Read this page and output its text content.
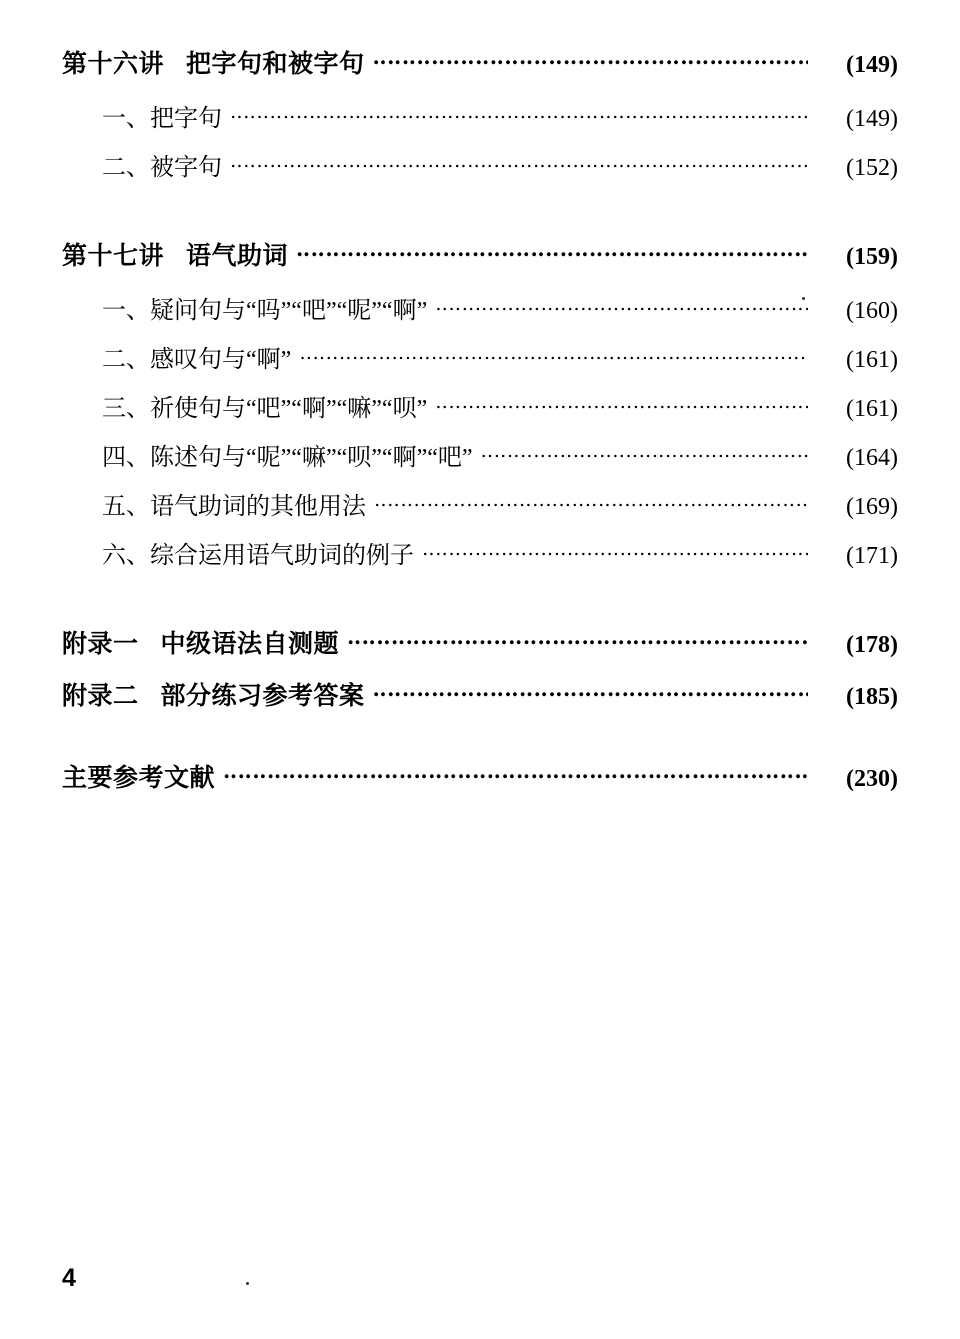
第十六讲 把字句和被字句 ‥‥‥‥‥‥‥‥‥‥‥‥‥‥‥‥‥‥‥‥‥‥‥‥‥‥‥‥‥‥‥‥‥‥‥‥‥‥‥‥‥‥‥‥‥‥‥‥‥‥‥‥‥‥‥‥‥‥‥‥‥‥‥‥‥‥‥‥‥‥‥	(149)
一、把字句 ‥‥‥‥‥‥‥‥‥‥‥‥‥‥‥‥‥‥‥‥‥‥‥‥‥‥‥‥‥‥‥‥‥‥‥‥‥‥‥‥‥‥‥‥‥‥‥‥‥‥‥‥‥‥‥‥‥‥‥‥‥‥‥‥‥‥‥‥‥‥‥	(149)
二、被字句 ‥‥‥‥‥‥‥‥‥‥‥‥‥‥‥‥‥‥‥‥‥‥‥‥‥‥‥‥‥‥‥‥‥‥‥‥‥‥‥‥‥‥‥‥‥‥‥‥‥‥‥‥‥‥‥‥‥‥‥‥‥‥‥‥‥‥‥‥‥‥‥	(152)
第十七讲 语气助词 ‥‥‥‥‥‥‥‥‥‥‥‥‥‥‥‥‥‥‥‥‥‥‥‥‥‥‥‥‥‥‥‥‥‥‥‥‥‥‥‥‥‥‥‥‥‥‥‥‥‥‥‥‥‥‥‥‥‥‥‥‥‥‥‥‥‥‥‥‥‥‥	(159)
一、疑问句与“吗”“吧”“呢”“啊” ‥‥‥‥‥‥‥‥‥‥‥‥‥‥‥‥‥‥‥‥‥‥‥‥‥‥‥‥‥‥‥‥‥‥‥‥‥‥‥‥‥‥‥‥‥‥‥‥‥‥‥‥‥‥‥‥‥‥‥‥‥‥‥‥‥‥‥‥‥‥‥	(160)
二、感叹句与“啊” ‥‥‥‥‥‥‥‥‥‥‥‥‥‥‥‥‥‥‥‥‥‥‥‥‥‥‥‥‥‥‥‥‥‥‥‥‥‥‥‥‥‥‥‥‥‥‥‥‥‥‥‥‥‥‥‥‥‥‥‥‥‥‥‥‥‥‥‥‥‥‥	(161)
三、祈使句与“吧”“啊”“嘛”“呗” ‥‥‥‥‥‥‥‥‥‥‥‥‥‥‥‥‥‥‥‥‥‥‥‥‥‥‥‥‥‥‥‥‥‥‥‥‥‥‥‥‥‥‥‥‥‥‥‥‥‥‥‥‥‥‥‥‥‥‥‥‥‥‥‥‥‥‥‥‥‥‥	(161)
四、陈述句与“呢”“嘛”“呗”“啊”“吧” ‥‥‥‥‥‥‥‥‥‥‥‥‥‥‥‥‥‥‥‥‥‥‥‥‥‥‥‥‥‥‥‥‥‥‥‥‥‥‥‥‥‥‥‥‥‥‥‥‥‥‥‥‥‥‥‥‥‥‥‥‥‥‥‥‥‥‥‥‥‥‥	(164)
五、语气助词的其他用法 ‥‥‥‥‥‥‥‥‥‥‥‥‥‥‥‥‥‥‥‥‥‥‥‥‥‥‥‥‥‥‥‥‥‥‥‥‥‥‥‥‥‥‥‥‥‥‥‥‥‥‥‥‥‥‥‥‥‥‥‥‥‥‥‥‥‥‥‥‥‥‥	(169)
六、综合运用语气助词的例子 ‥‥‥‥‥‥‥‥‥‥‥‥‥‥‥‥‥‥‥‥‥‥‥‥‥‥‥‥‥‥‥‥‥‥‥‥‥‥‥‥‥‥‥‥‥‥‥‥‥‥‥‥‥‥‥‥‥‥‥‥‥‥‥‥‥‥‥‥‥‥‥	(171)
附录一 中级语法自测题 ‥‥‥‥‥‥‥‥‥‥‥‥‥‥‥‥‥‥‥‥‥‥‥‥‥‥‥‥‥‥‥‥‥‥‥‥‥‥‥‥‥‥‥‥‥‥‥‥‥‥‥‥‥‥‥‥‥‥‥‥‥‥‥‥‥‥‥‥‥‥‥	(178)
附录二 部分练习参考答案 ‥‥‥‥‥‥‥‥‥‥‥‥‥‥‥‥‥‥‥‥‥‥‥‥‥‥‥‥‥‥‥‥‥‥‥‥‥‥‥‥‥‥‥‥‥‥‥‥‥‥‥‥‥‥‥‥‥‥‥‥‥‥‥‥‥‥‥‥‥‥‥	(185)
主要参考文献 ‥‥‥‥‥‥‥‥‥‥‥‥‥‥‥‥‥‥‥‥‥‥‥‥‥‥‥‥‥‥‥‥‥‥‥‥‥‥‥‥‥‥‥‥‥‥‥‥‥‥‥‥‥‥‥‥‥‥‥‥‥‥‥‥‥‥‥‥‥‥‥	(230)
4
